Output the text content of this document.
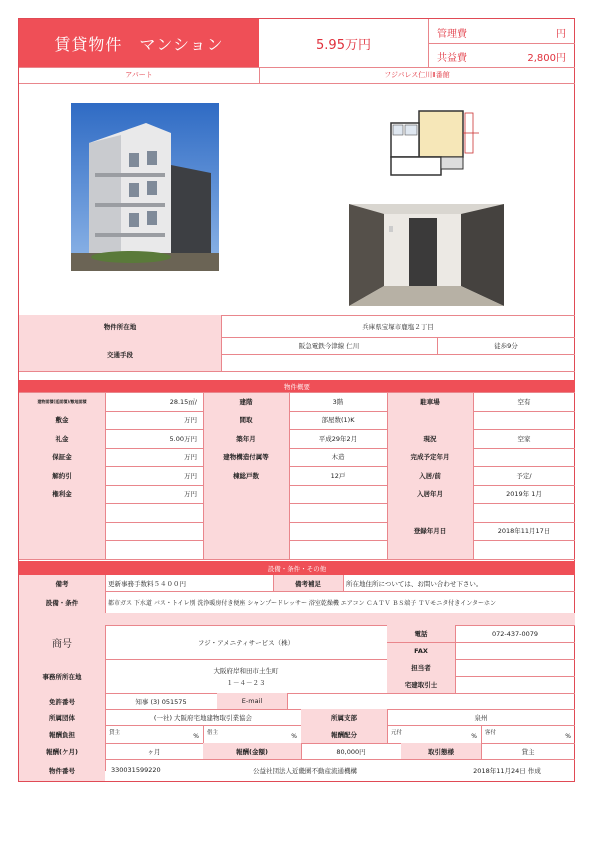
賃貸物件　マンション	5.95万円
管理費	円
共益費	2,800円
アパート	フジパレス仁川Ⅱ番館
物件所在地	兵庫県宝塚市鹿塩２丁目
交通手段
阪急電鉄今津線 仁川	徒歩9分
物件概要
設備・条件・その他
備考	更新事務手数料５４００円	備考補足	所在地住所については、お問い合わせ下さい。
設備・条件	都市ガス 下水道 バス・トイレ別 洗浄暖房付き便座 シャンプードレッサー 浴室乾燥機 エアコン ＣＡＴＶ ＢＳ端子 ＴＶモニタ付きインターホン
商号	フジ・アメニティサービス（株）
電話	072-437-0079
FAX
事務所所在地
大阪府岸和田市土生町
１－４－２３
担当者
宅建取引士
免許番号	知事 (3) 051575	E-mail
所属団体	(一社) 大阪府宅地建物取引業協会	所属支部	泉州
報酬負担	貸主	% 借主	%	報酬配分	元付	% 客付	%
報酬(ケ月)	ヶ月	報酬(金額)	80,000円	取引態様	貸主
物件番号	330031599220	公益社団法人近畿圏不動産流通機構	2018年11月24日 作成
建物面積(延面積)/敷地面積	28.15㎡/	建階	3階	駐車場	空有
敷金	万円	間取	部屋数(1)K
礼金	5.00万円	築年月	平成29年2月	現況	空家
保証金	万円	建物構造付属等	木造	完成予定年月
解約引	万円	棟総戸数	12戸	入居/前	予定/
権利金	万円	入居年月	2019年 1月
登録年月日	2018年11月17日
